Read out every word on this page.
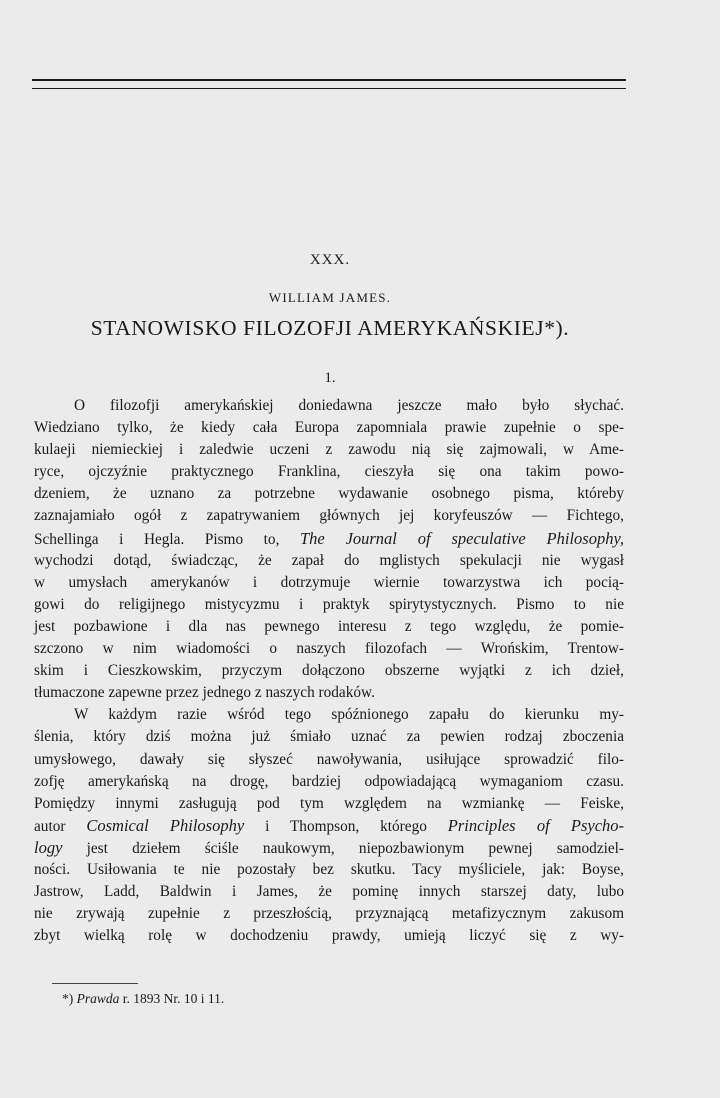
XXX.
WILLIAM JAMES.
STANOWISKO FILOZOFJI AMERYKAŃSKIEJ*).
1.
O filozofji amerykańskiej doniedawna jeszcze mało było słychać.
Wiedziano tylko, że kiedy cała Europa zapomniala prawie zupełnie o spe-
kulaeji niemieckiej i zaledwie uczeni z zawodu nią się zajmowali, w Ame-
ryce, ojczyźnie praktycznego Franklina, cieszyła się ona takim powo-
dzeniem, że uznano za potrzebne wydawanie osobnego pisma, któreby
zaznajamiało ogół z zapatrywaniem głównych jej koryfeuszów — Fichtego,
Schellinga i Hegla. Pismo to, The Journal of speculative Philosophy,
wychodzi dotąd, świadcząc, że zapał do mglistych spekulacji nie wygasł
w umysłach amerykanów i dotrzymuje wiernie towarzystwa ich pocią-
gowi do religijnego mistycyzmu i praktyk spirytystycznych. Pismo to nie
jest pozbawione i dla nas pewnego interesu z tego względu, że pomie-
szczono w nim wiadomości o naszych filozofach — Wrońskim, Trentow-
skim i Cieszkowskim, przyczym dołączono obszerne wyjątki z ich dzieł,
tłumaczone zapewne przez jednego z naszych rodaków.
W każdym razie wśród tego spóźnionego zapału do kierunku my-
ślenia, który dziś można już śmiało uznać za pewien rodzaj zboczenia
umysłowego, dawały się słyszeć nawoływania, usiłujące sprowadzić filo-
zofję amerykańską na drogę, bardziej odpowiadającą wymaganiom czasu.
Pomiędzy innymi zasługują pod tym względem na wzmiankę — Feiske,
autor Cosmical Philosophy i Thompson, którego Principles of Psycho-
logy jest dziełem ściśle naukowym, niepozbawionym pewnej samodziel-
ności. Usiłowania te nie pozostały bez skutku. Tacy myśliciele, jak: Boyse,
Jastrow, Ladd, Baldwin i James, że pominę innych starszej daty, lubo
nie zrywają zupełnie z przeszłością, przyznającą metafizycznym zakusom
zbyt wielką rolę w dochodzeniu prawdy, umieją liczyć się z wy-
*) Prawda r. 1893 Nr. 10 i 11.
